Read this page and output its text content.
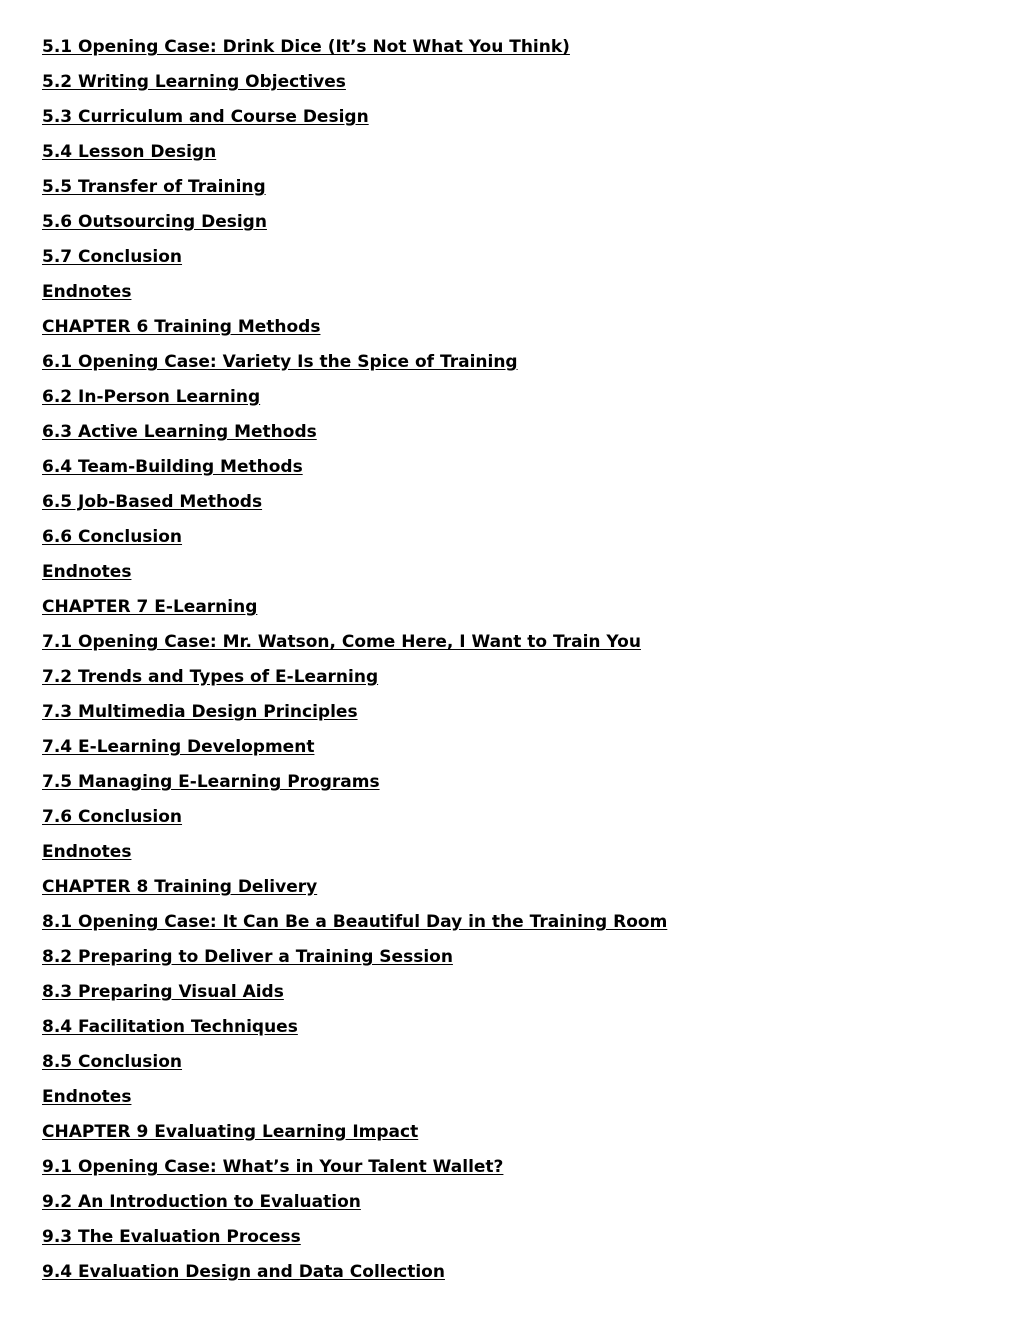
5.1 Opening Case: Drink Dice (It’s Not What You Think)
5.2 Writing Learning Objectives
5.3 Curriculum and Course Design
5.4 Lesson Design
5.5 Transfer of Training
5.6 Outsourcing Design
5.7 Conclusion
Endnotes
CHAPTER 6 Training Methods
6.1 Opening Case: Variety Is the Spice of Training
6.2 In-Person Learning
6.3 Active Learning Methods
6.4 Team-Building Methods
6.5 Job-Based Methods
6.6 Conclusion
Endnotes
CHAPTER 7 E-Learning
7.1 Opening Case: Mr. Watson, Come Here, I Want to Train You
7.2 Trends and Types of E-Learning
7.3 Multimedia Design Principles
7.4 E-Learning Development
7.5 Managing E-Learning Programs
7.6 Conclusion
Endnotes
CHAPTER 8 Training Delivery
8.1 Opening Case: It Can Be a Beautiful Day in the Training Room
8.2 Preparing to Deliver a Training Session
8.3 Preparing Visual Aids
8.4 Facilitation Techniques
8.5 Conclusion
Endnotes
CHAPTER 9 Evaluating Learning Impact
9.1 Opening Case: What’s in Your Talent Wallet?
9.2 An Introduction to Evaluation
9.3 The Evaluation Process
9.4 Evaluation Design and Data Collection
